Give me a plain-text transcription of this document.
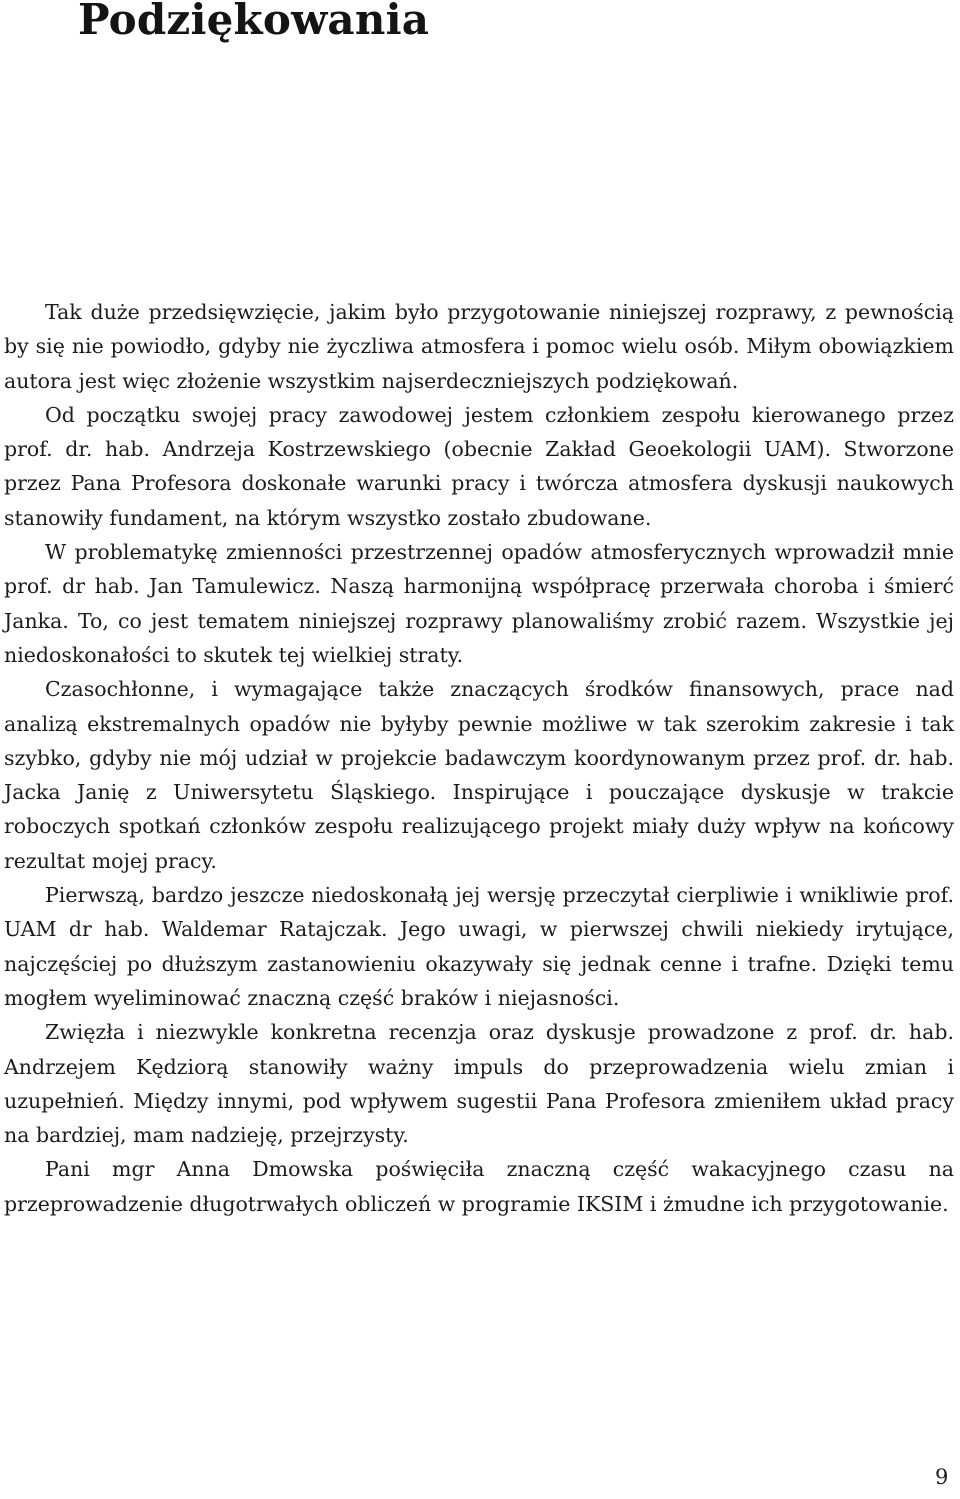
Podziękowania

Tak duże przedsięwzięcie, jakim było przygotowanie niniejszej rozprawy, z pewnością by się nie powiodło, gdyby nie życzliwa atmosfera i pomoc wielu osób. Miłym obowiązkiem autora jest więc złożenie wszystkim najserdeczniejszych podziękowań.

Od początku swojej pracy zawodowej jestem członkiem zespołu kierowanego przez prof. dr. hab. Andrzeja Kostrzewskiego (obecnie Zakład Geoekologii UAM). Stworzone przez Pana Profesora doskonałe warunki pracy i twórcza atmosfera dyskusji naukowych stanowiły fundament, na którym wszystko zostało zbudowane.

W problematykę zmienności przestrzennej opadów atmosferycznych wprowadził mnie prof. dr hab. Jan Tamulewicz. Naszą harmonijną współpracę przerwała choroba i śmierć Janka. To, co jest tematem niniejszej rozprawy planowaliśmy zrobić razem. Wszystkie jej niedoskonałości to skutek tej wielkiej straty.

Czasochłonne, i wymagające także znaczących środków finansowych, prace nad analizą ekstremalnych opadów nie byłyby pewnie możliwe w tak szerokim zakresie i tak szybko, gdyby nie mój udział w projekcie badawczym koordynowanym przez prof. dr. hab. Jacka Janię z Uniwersytetu Śląskiego. Inspirujące i pouczające dyskusje w trakcie roboczych spotkań członków zespołu realizującego projekt miały duży wpływ na końcowy rezultat mojej pracy.

Pierwszą, bardzo jeszcze niedoskonałą jej wersję przeczytał cierpliwie i wnikliwie prof. UAM dr hab. Waldemar Ratajczak. Jego uwagi, w pierwszej chwili niekiedy irytujące, najczęściej po dłuższym zastanowieniu okazywały się jednak cenne i trafne. Dzięki temu mogłem wyeliminować znaczną część braków i niejasności.

Zwięzła i niezwykle konkretna recenzja oraz dyskusje prowadzone z prof. dr. hab. Andrzejem Kędziorą stanowiły ważny impuls do przeprowadzenia wielu zmian i uzupełnień. Między innymi, pod wpływem sugestii Pana Profesora zmieniłem układ pracy na bardziej, mam nadzieję, przejrzysty.

Pani mgr Anna Dmowska poświęciła znaczną część wakacyjnego czasu na przeprowadzenie długotrwałych obliczeń w programie IKSIM i żmudne ich przygotowanie.

9
